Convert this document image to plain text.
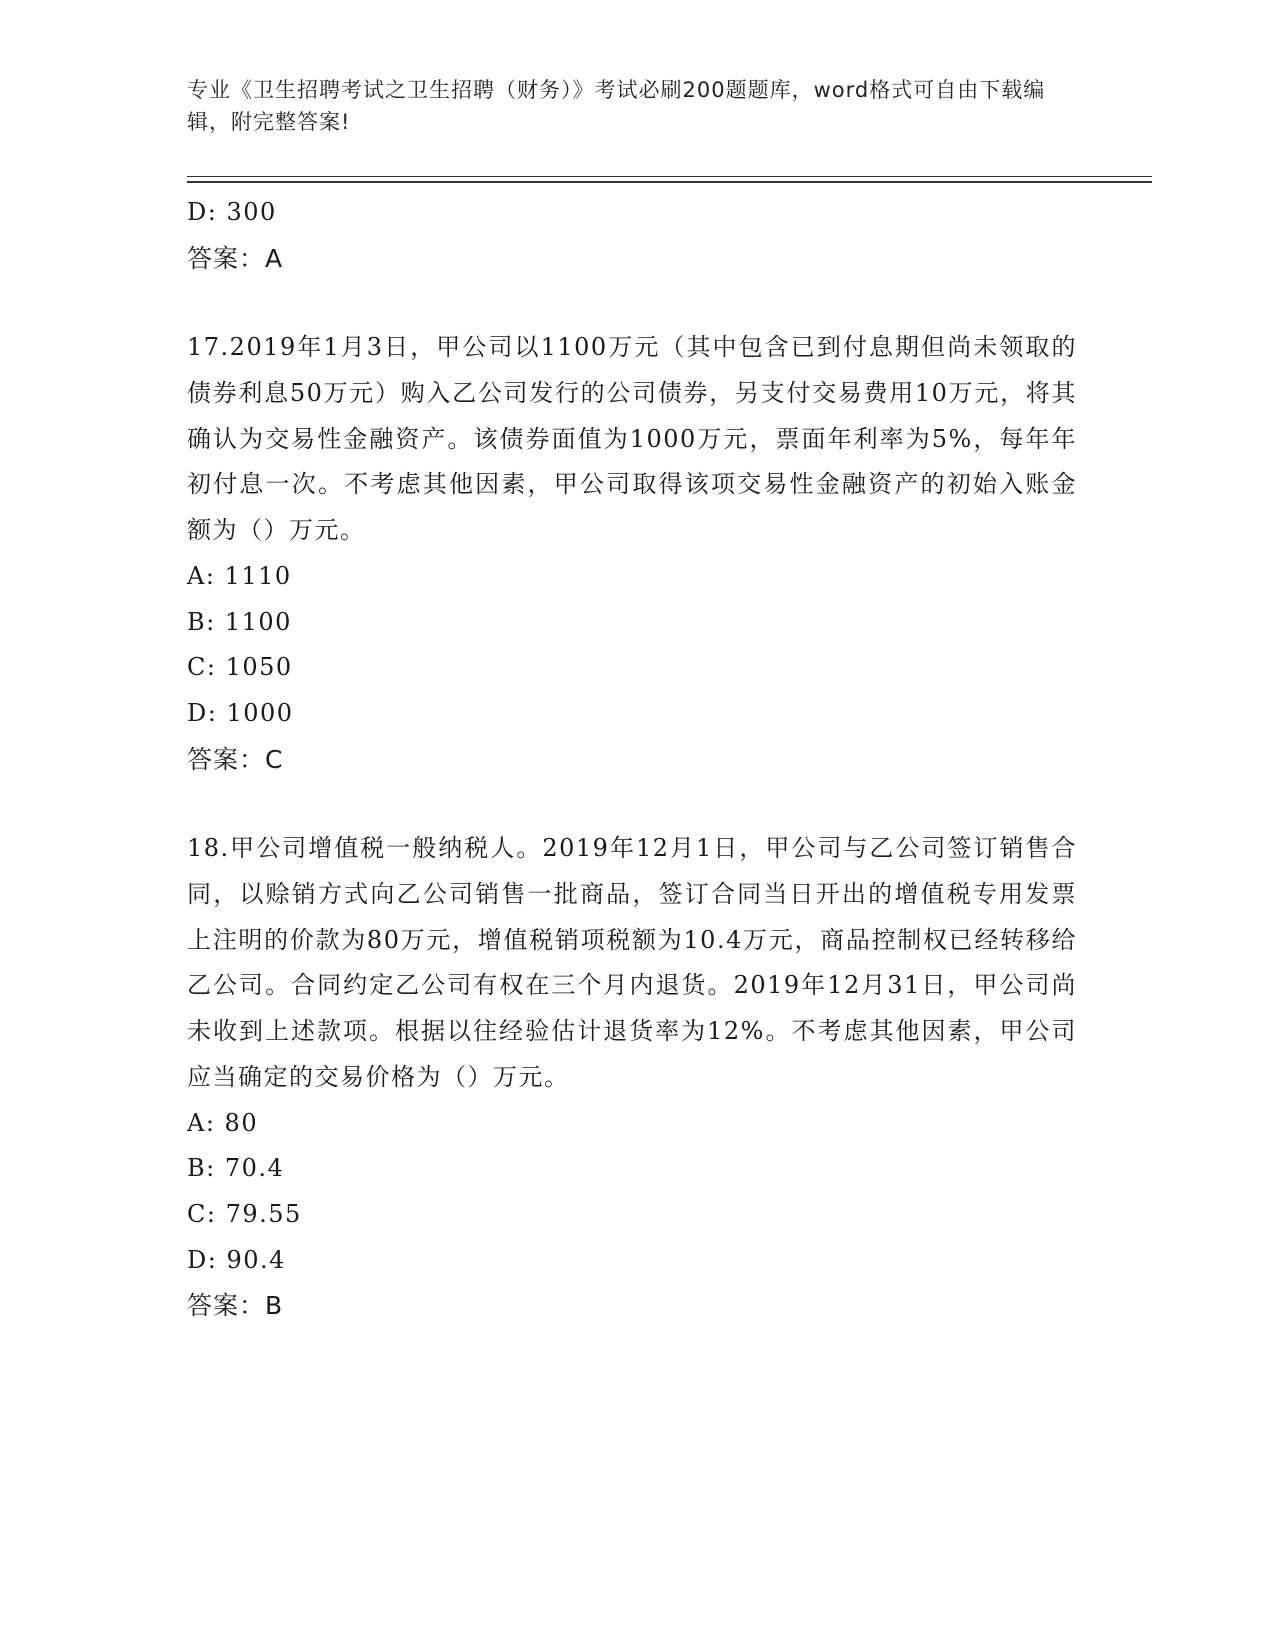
专业《卫生招聘考试之卫生招聘（财务）》考试必刷200题题库，word格式可自由下载编辑，附完整答案!
D: 300
答案：A
17.2019年1月3日，甲公司以1100万元（其中包含已到付息期但尚未领取的债券利息50万元）购入乙公司发行的公司债券，另支付交易费用10万元，将其确认为交易性金融资产。该债券面值为1000万元，票面年利率为5%，每年年初付息一次。不考虑其他因素，甲公司取得该项交易性金融资产的初始入账金额为（）万元。
A: 1110
B: 1100
C: 1050
D: 1000
答案：C
18.甲公司增值税一般纳税人。2019年12月1日，甲公司与乙公司签订销售合同，以赊销方式向乙公司销售一批商品，签订合同当日开出的增值税专用发票上注明的价款为80万元，增值税销项税额为10.4万元，商品控制权已经转移给乙公司。合同约定乙公司有权在三个月内退货。2019年12月31日，甲公司尚未收到上述款项。根据以往经验估计退货率为12%。不考虑其他因素，甲公司应当确定的交易价格为（）万元。
A: 80
B: 70.4
C: 79.55
D: 90.4
答案：B
